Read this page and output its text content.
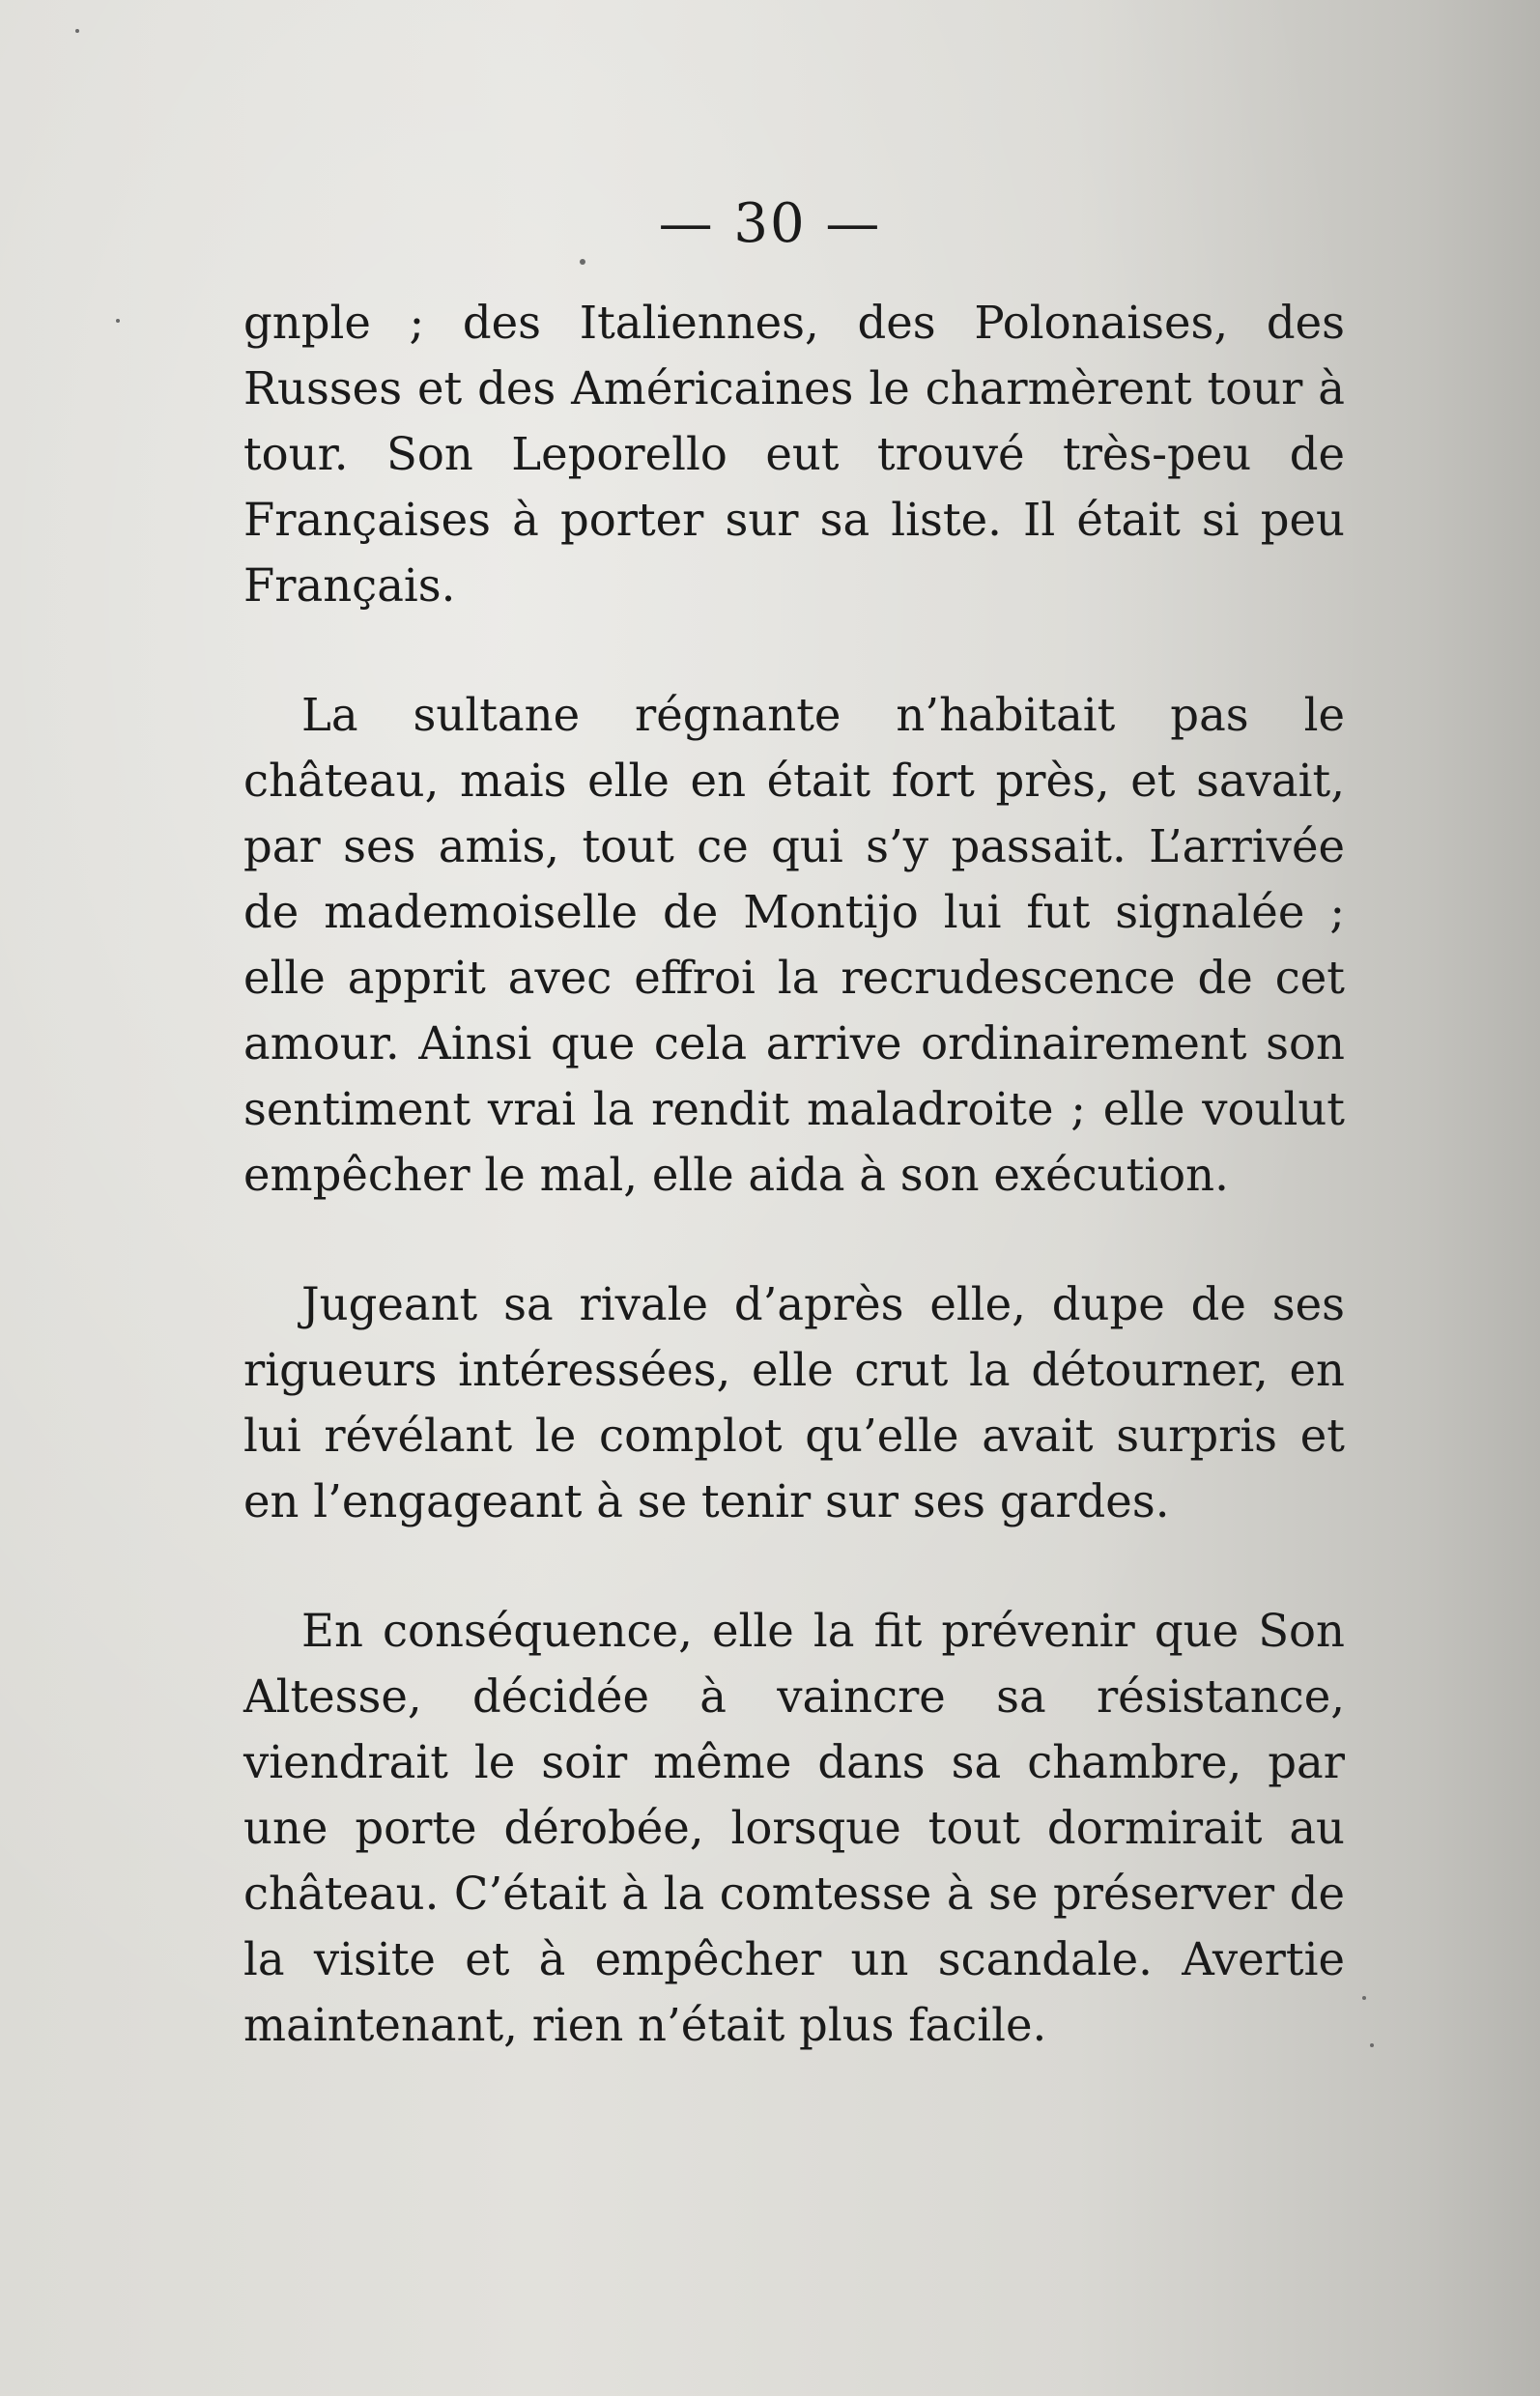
— 30 —

gnple ; des Italiennes, des Polonaises, des Russes et des Américaines le charmèrent tour à tour. Son Leporello eut trouvé très-peu de Françaises à porter sur sa liste. Il était si peu Français.

La sultane régnante n’habitait pas le château, mais elle en était fort près, et savait, par ses amis, tout ce qui s’y passait. L’arrivée de mademoiselle de Montijo lui fut signalée ; elle apprit avec effroi la recrudescence de cet amour. Ainsi que cela arrive ordinairement son sentiment vrai la rendit maladroite ; elle voulut empêcher le mal, elle aida à son exécution.

Jugeant sa rivale d’après elle, dupe de ses rigueurs intéressées, elle crut la détourner, en lui révélant le complot qu’elle avait surpris et en l’engageant à se tenir sur ses gardes.

En conséquence, elle la fit prévenir que Son Altesse, décidée à vaincre sa résistance, viendrait le soir même dans sa chambre, par une porte dérobée, lorsque tout dormirait au château. C’était à la comtesse à se préserver de la visite et à empêcher un scandale. Avertie maintenant, rien n’était plus facile.
